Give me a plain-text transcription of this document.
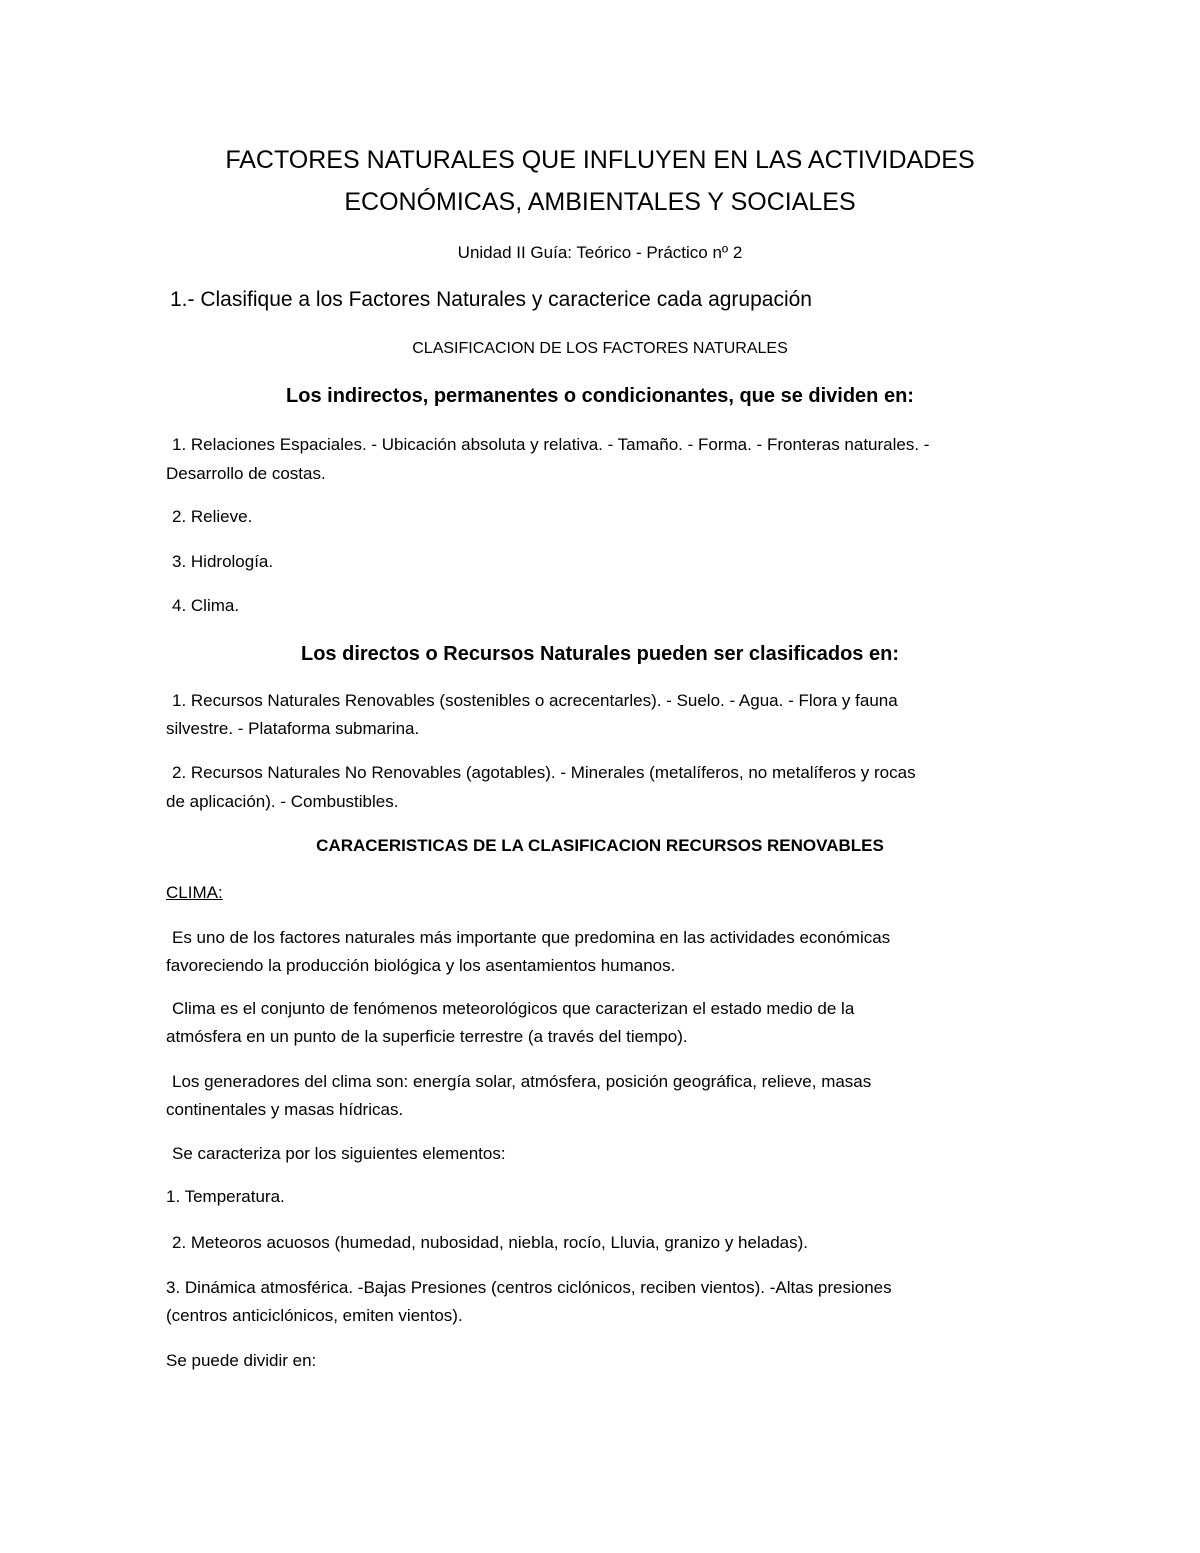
FACTORES NATURALES QUE INFLUYEN EN LAS ACTIVIDADES
ECONÓMICAS, AMBIENTALES Y SOCIALES
Unidad II Guía: Teórico - Práctico nº 2
1.- Clasifique a los Factores Naturales y caracterice cada agrupación
CLASIFICACION DE LOS FACTORES NATURALES
Los indirectos, permanentes o condicionantes, que se dividen en:
1. Relaciones Espaciales. - Ubicación absoluta y relativa. - Tamaño. - Forma. - Fronteras naturales. -
Desarrollo de costas.
2. Relieve.
3. Hidrología.
4. Clima.
Los directos o Recursos Naturales pueden ser clasificados en:
1. Recursos Naturales Renovables (sostenibles o acrecentarles). - Suelo. - Agua. - Flora y fauna
silvestre. - Plataforma submarina.
2. Recursos Naturales No Renovables (agotables). - Minerales (metalíferos, no metalíferos y rocas
de aplicación). - Combustibles.
CARACERISTICAS DE LA CLASIFICACION RECURSOS RENOVABLES
CLIMA:
Es uno de los factores naturales más importante que predomina en las actividades económicas
favoreciendo la producción biológica y los asentamientos humanos.
Clima es el conjunto de fenómenos meteorológicos que caracterizan el estado medio de la
atmósfera en un punto de la superficie terrestre (a través del tiempo).
Los generadores del clima son: energía solar, atmósfera, posición geográfica, relieve, masas
continentales y masas hídricas.
Se caracteriza por los siguientes elementos:
1. Temperatura.
2. Meteoros acuosos (humedad, nubosidad, niebla, rocío, Lluvia, granizo y heladas).
3. Dinámica atmosférica. -Bajas Presiones (centros ciclónicos, reciben vientos). -Altas presiones
(centros anticiclónicos, emiten vientos).
Se puede dividir en:
